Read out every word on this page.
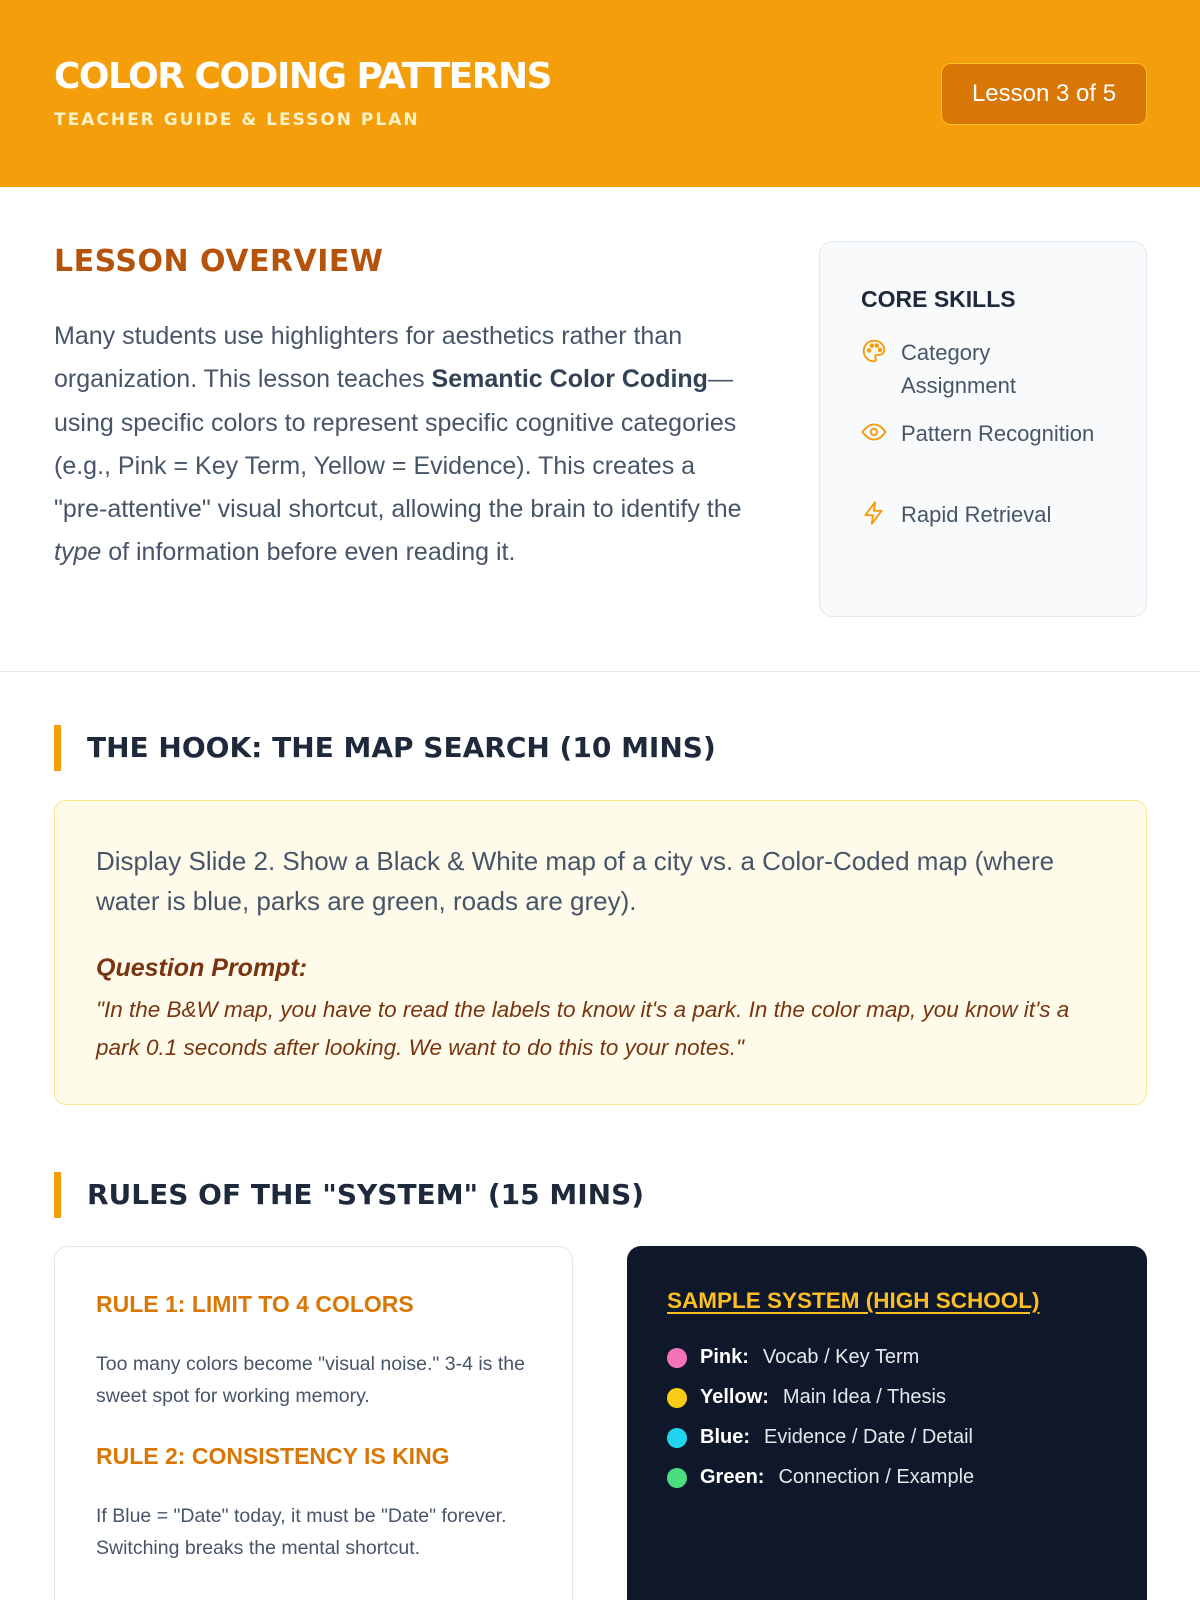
COLOR CODING PATTERNS
TEACHER GUIDE & LESSON PLAN
Lesson 3 of 5
LESSON OVERVIEW
Many students use highlighters for aesthetics rather than organization. This lesson teaches Semantic Color Coding—using specific colors to represent specific cognitive categories (e.g., Pink = Key Term, Yellow = Evidence). This creates a "pre-attentive" visual shortcut, allowing the brain to identify the type of information before even reading it.
CORE SKILLS
Category Assignment
Pattern Recognition
Rapid Retrieval
THE HOOK: THE MAP SEARCH (10 MINS)
Display Slide 2. Show a Black & White map of a city vs. a Color-Coded map (where water is blue, parks are green, roads are grey).
Question Prompt:
"In the B&W map, you have to read the labels to know it's a park. In the color map, you know it's a park 0.1 seconds after looking. We want to do this to your notes."
RULES OF THE "SYSTEM" (15 MINS)
RULE 1: LIMIT TO 4 COLORS
Too many colors become "visual noise." 3-4 is the sweet spot for working memory.
RULE 2: CONSISTENCY IS KING
If Blue = "Date" today, it must be "Date" forever. Switching breaks the mental shortcut.
SAMPLE SYSTEM (HIGH SCHOOL)
Pink: Vocab / Key Term
Yellow: Main Idea / Thesis
Blue: Evidence / Date / Detail
Green: Connection / Example
